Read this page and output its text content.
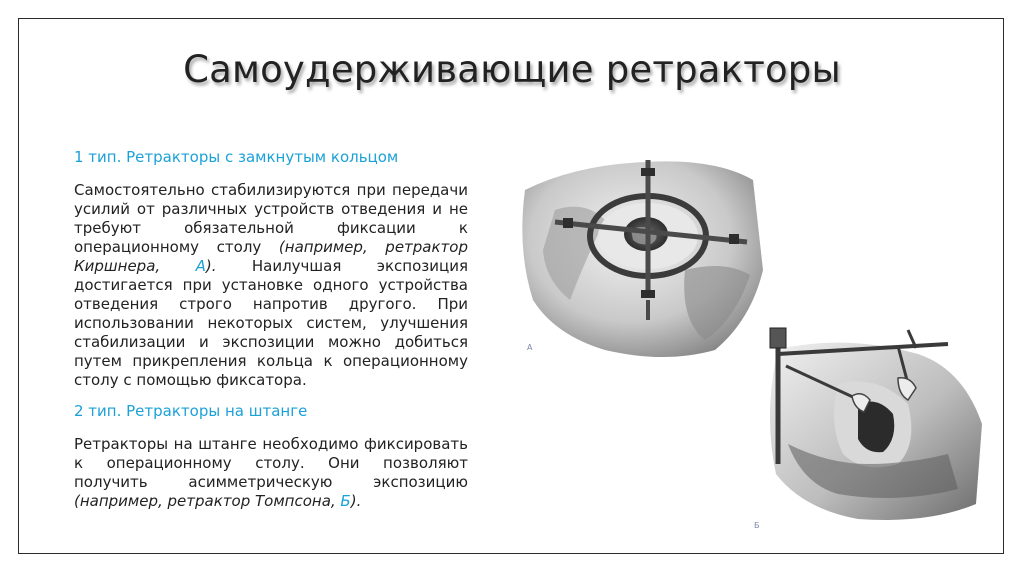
Самоудерживающие ретракторы
1 тип. Ретракторы с замкнутым кольцом
Самостоятельно стабилизируются при передачи усилий от различных устройств отведения и не требуют обязательной фиксации к операционному столу (например, ретрактор Киршнера, А). Наилучшая экспозиция достигается при установке одного устройства отведения строго напротив другого. При использовании некоторых систем, улучшения стабилизации и экспозиции можно добиться путем прикрепления кольца к операционному столу с помощью фиксатора.
2 тип. Ретракторы на штанге
Ретракторы на штанге необходимо фиксировать к операционному столу. Они позволяют получить асимметрическую экспозицию (например, ретрактор Томпсона, Б).
A
Б
